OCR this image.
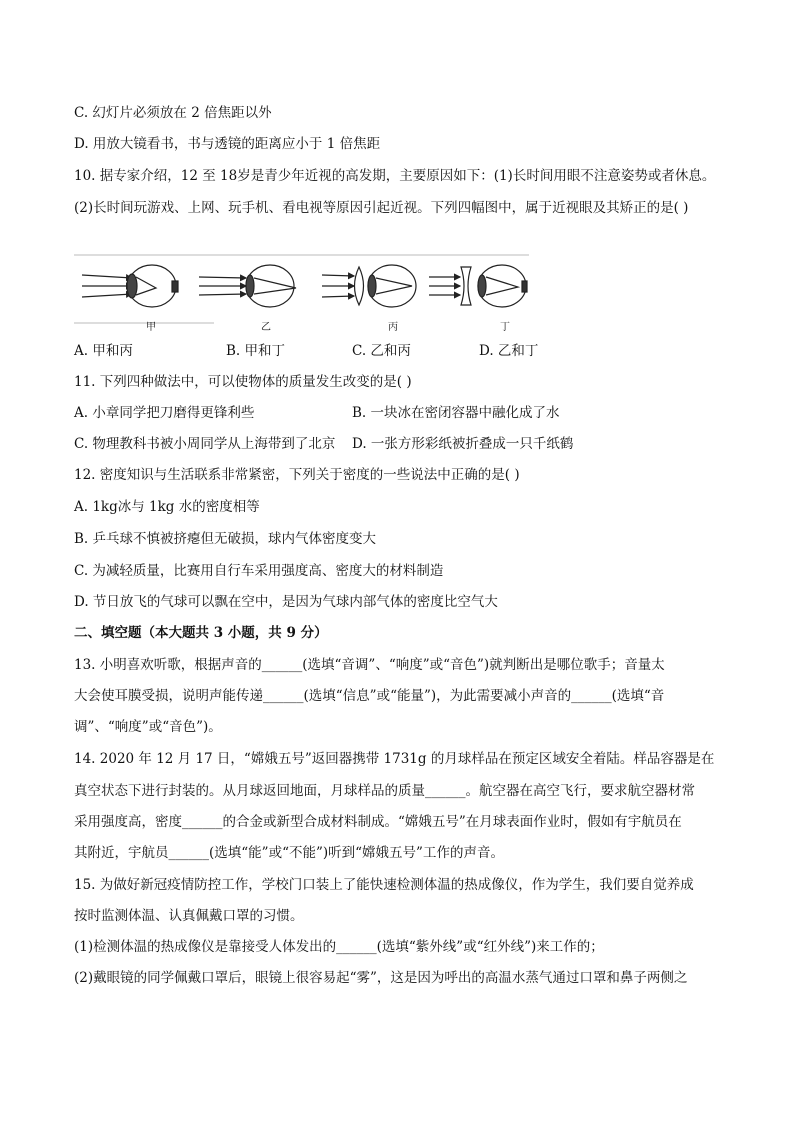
C. 幻灯片必须放在 2 倍焦距以外
D. 用放大镜看书，书与透镜的距离应小于 1 倍焦距
10. 据专家介绍，12 至 18岁是青少年近视的高发期，主要原因如下：(1)长时间用眼不注意姿势或者休息。
(2)长时间玩游戏、上网、玩手机、看电视等原因引起近视。下列四幅图中，属于近视眼及其矫正的是( )
甲	乙	丙	丁
A. 甲和丙	B. 甲和丁	C. 乙和丙	D. 乙和丁
11. 下列四种做法中，可以使物体的质量发生改变的是( )
A. 小章同学把刀磨得更锋利些	B. 一块冰在密闭容器中融化成了水
C. 物理教科书被小周同学从上海带到了北京 D. 一张方形彩纸被折叠成一只千纸鹤
12. 密度知识与生活联系非常紧密，下列关于密度的一些说法中正确的是( )
A. 1kg冰与 1kg 水的密度相等
B. 乒乓球不慎被挤瘪但无破损，球内气体密度变大
C. 为减轻质量，比赛用自行车采用强度高、密度大的材料制造
D. 节日放飞的气球可以飘在空中，是因为气球内部气体的密度比空气大
二、填空题（本大题共 3 小题，共 9 分）
13. 小明喜欢听歌，根据声音的______(选填“音调”、“响度”或“音色”)就判断出是哪位歌手；音量太
大会使耳膜受损，说明声能传递______(选填“信息”或“能量”)，为此需要减小声音的______(选填“音
调”、“响度”或“音色”)。
14. 2020 年 12 月 17 日，“嫦娥五号”返回器携带 1731g 的月球样品在预定区域安全着陆。样品容器是在
真空状态下进行封装的。从月球返回地面，月球样品的质量______。航空器在高空飞行，要求航空器材常
采用强度高，密度______的合金或新型合成材料制成。“嫦娥五号”在月球表面作业时，假如有宇航员在
其附近，宇航员______(选填“能”或“不能”)听到“嫦娥五号”工作的声音。
15. 为做好新冠疫情防控工作，学校门口装上了能快速检测体温的热成像仪，作为学生，我们要自觉养成
按时监测体温、认真佩戴口罩的习惯。
(1)检测体温的热成像仪是靠接受人体发出的______(选填“紫外线”或“红外线”)来工作的；
(2)戴眼镜的同学佩戴口罩后，眼镜上很容易起“雾”，这是因为呼出的高温水蒸气通过口罩和鼻子两侧之
